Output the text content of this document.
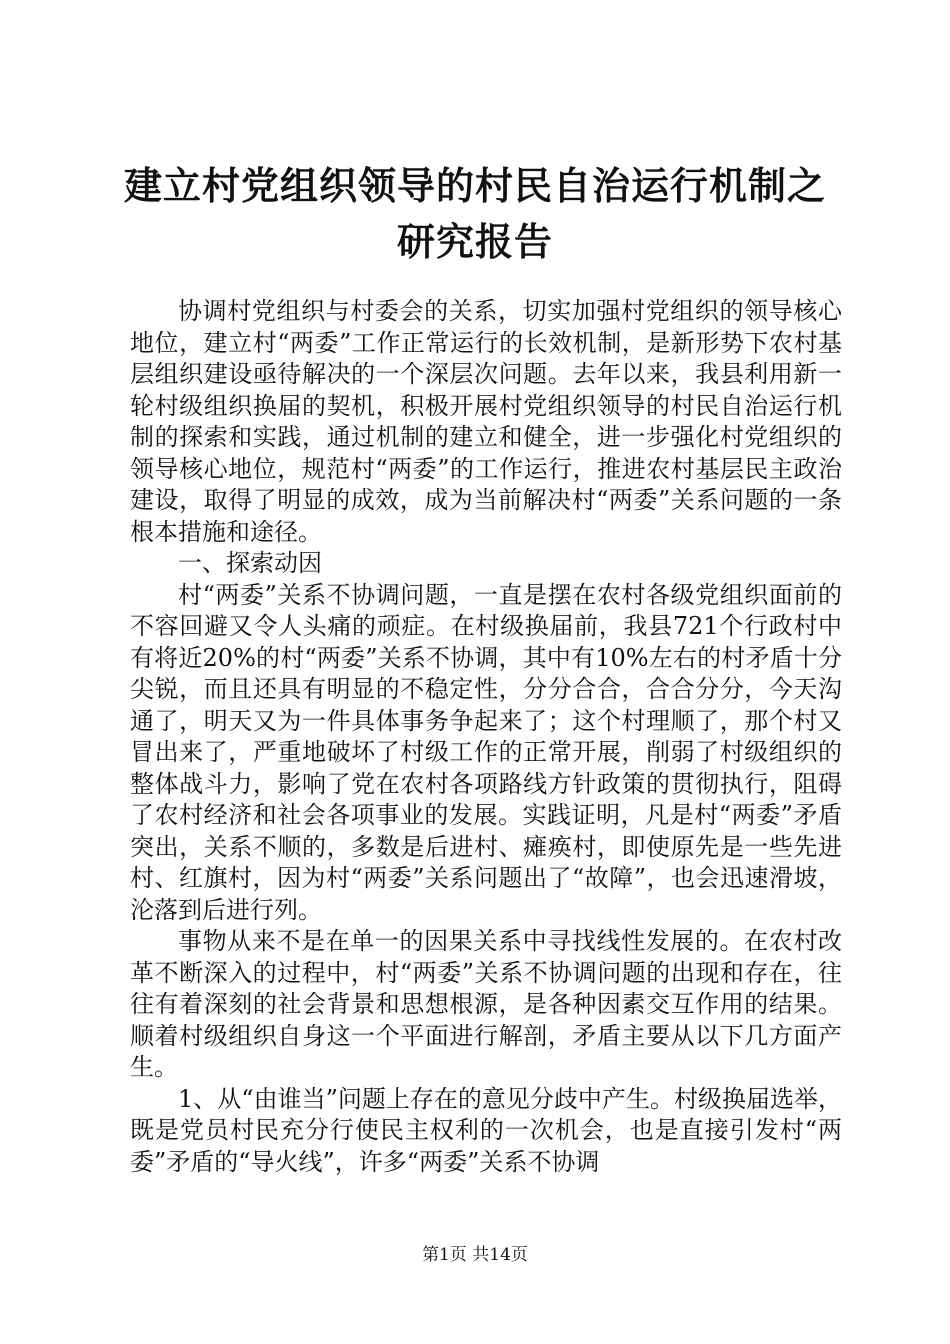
建立村党组织领导的村民自治运行机制之研究报告

协调村党组织与村委会的关系，切实加强村党组织的领导核心地位，建立村“两委”工作正常运行的长效机制，是新形势下农村基层组织建设亟待解决的一个深层次问题。去年以来，我县利用新一轮村级组织换届的契机，积极开展村党组织领导的村民自治运行机制的探索和实践，通过机制的建立和健全，进一步强化村党组织的领导核心地位，规范村“两委”的工作运行，推进农村基层民主政治建设，取得了明显的成效，成为当前解决村“两委”关系问题的一条根本措施和途径。

一、探索动因

村“两委”关系不协调问题，一直是摆在农村各级党组织面前的不容回避又令人头痛的顽症。在村级换届前，我县721个行政村中有将近20%的村“两委”关系不协调，其中有10%左右的村矛盾十分尖锐，而且还具有明显的不稳定性，分分合合，合合分分，今天沟通了，明天又为一件具体事务争起来了；这个村理顺了，那个村又冒出来了，严重地破坏了村级工作的正常开展，削弱了村级组织的整体战斗力，影响了党在农村各项路线方针政策的贯彻执行，阻碍了农村经济和社会各项事业的发展。实践证明，凡是村“两委”矛盾突出，关系不顺的，多数是后进村、瘫痪村，即使原先是一些先进村、红旗村，因为村“两委”关系问题出了“故障”，也会迅速滑坡，沦落到后进行列。

事物从来不是在单一的因果关系中寻找线性发展的。在农村改革不断深入的过程中，村“两委”关系不协调问题的出现和存在，往往有着深刻的社会背景和思想根源，是各种因素交互作用的结果。顺着村级组织自身这一个平面进行解剖，矛盾主要从以下几方面产生。

1、从“由谁当”问题上存在的意见分歧中产生。村级换届选举，既是党员村民充分行使民主权利的一次机会，也是直接引发村“两委”矛盾的“导火线”，许多“两委”关系不协调

第1页 共14页
